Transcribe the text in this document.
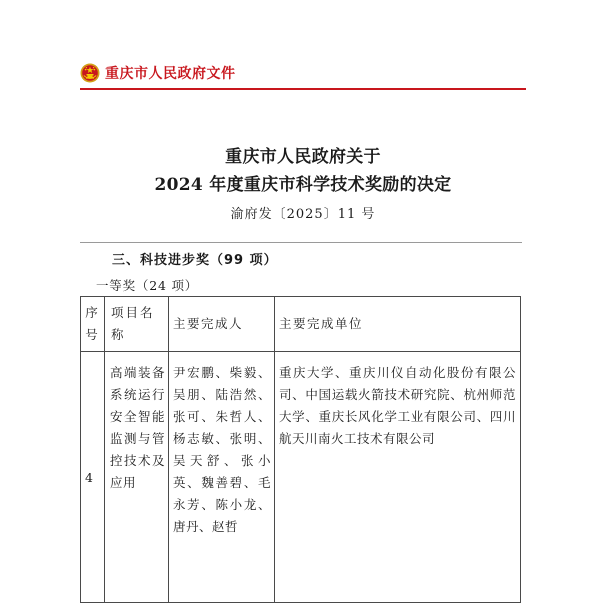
重庆市人民政府文件
重庆市人民政府关于
2024 年度重庆市科学技术奖励的决定
渝府发〔2025〕11 号
三、科技进步奖（99 项）
一等奖（24 项）
序号	项目名称	主要完成人	主要完成单位
4	高端装备系统运行安全智能监测与管控技术及应用	尹宏鹏、柴毅、吴朋、陆浩然、张可、朱哲人、杨志敏、张明、吴天舒、张小英、魏善碧、毛永芳、陈小龙、唐丹、赵哲	重庆大学、重庆川仪自动化股份有限公司、中国运载火箭技术研究院、杭州师范大学、重庆长风化学工业有限公司、四川航天川南火工技术有限公司
